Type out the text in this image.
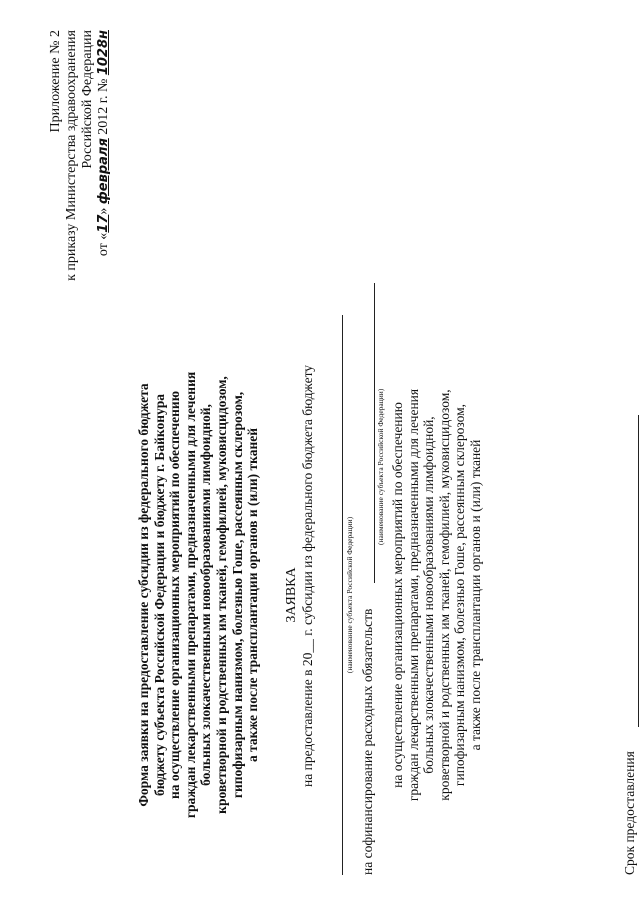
Приложение № 2 к приказу Министерства здравоохранения Российской Федерации
от «17» февраля 2012 г. № 1028н
Форма заявки на предоставление субсидии из федерального бюджета бюджету субъекта Российской Федерации и бюджету г. Байконура на осуществление организационных мероприятий по обеспечению граждан лекарственными препаратами, предназначенными для лечения больных злокачественными новообразованиями лимфоидной, кроветворной и родственных им тканей, гемофилией, муковисцидозом, гипофизарным нанизмом, болезнью Гоше, рассеянным склерозом, а также после трансплантации органов и (или) тканей ЗАЯВКА на предоставление в 20__ г. субсидии из федерального бюджета бюджету	(наименование субъекта Российской Федерации)
на софинансирование расходных обязательств
(наименование субъекта Российской Федерации) на осуществление организационных мероприятий по обеспечению граждан лекарственными препаратами, предназначенными для лечения больных злокачественными новообразованиями лимфоидной, кроветворной и родственных им тканей, гемофилией, муковисцидозом, гипофизарным нанизмом, болезнью Гоше, рассеянным склерозом, а также после трансплантации органов и (или) тканей
Срок предоставления
